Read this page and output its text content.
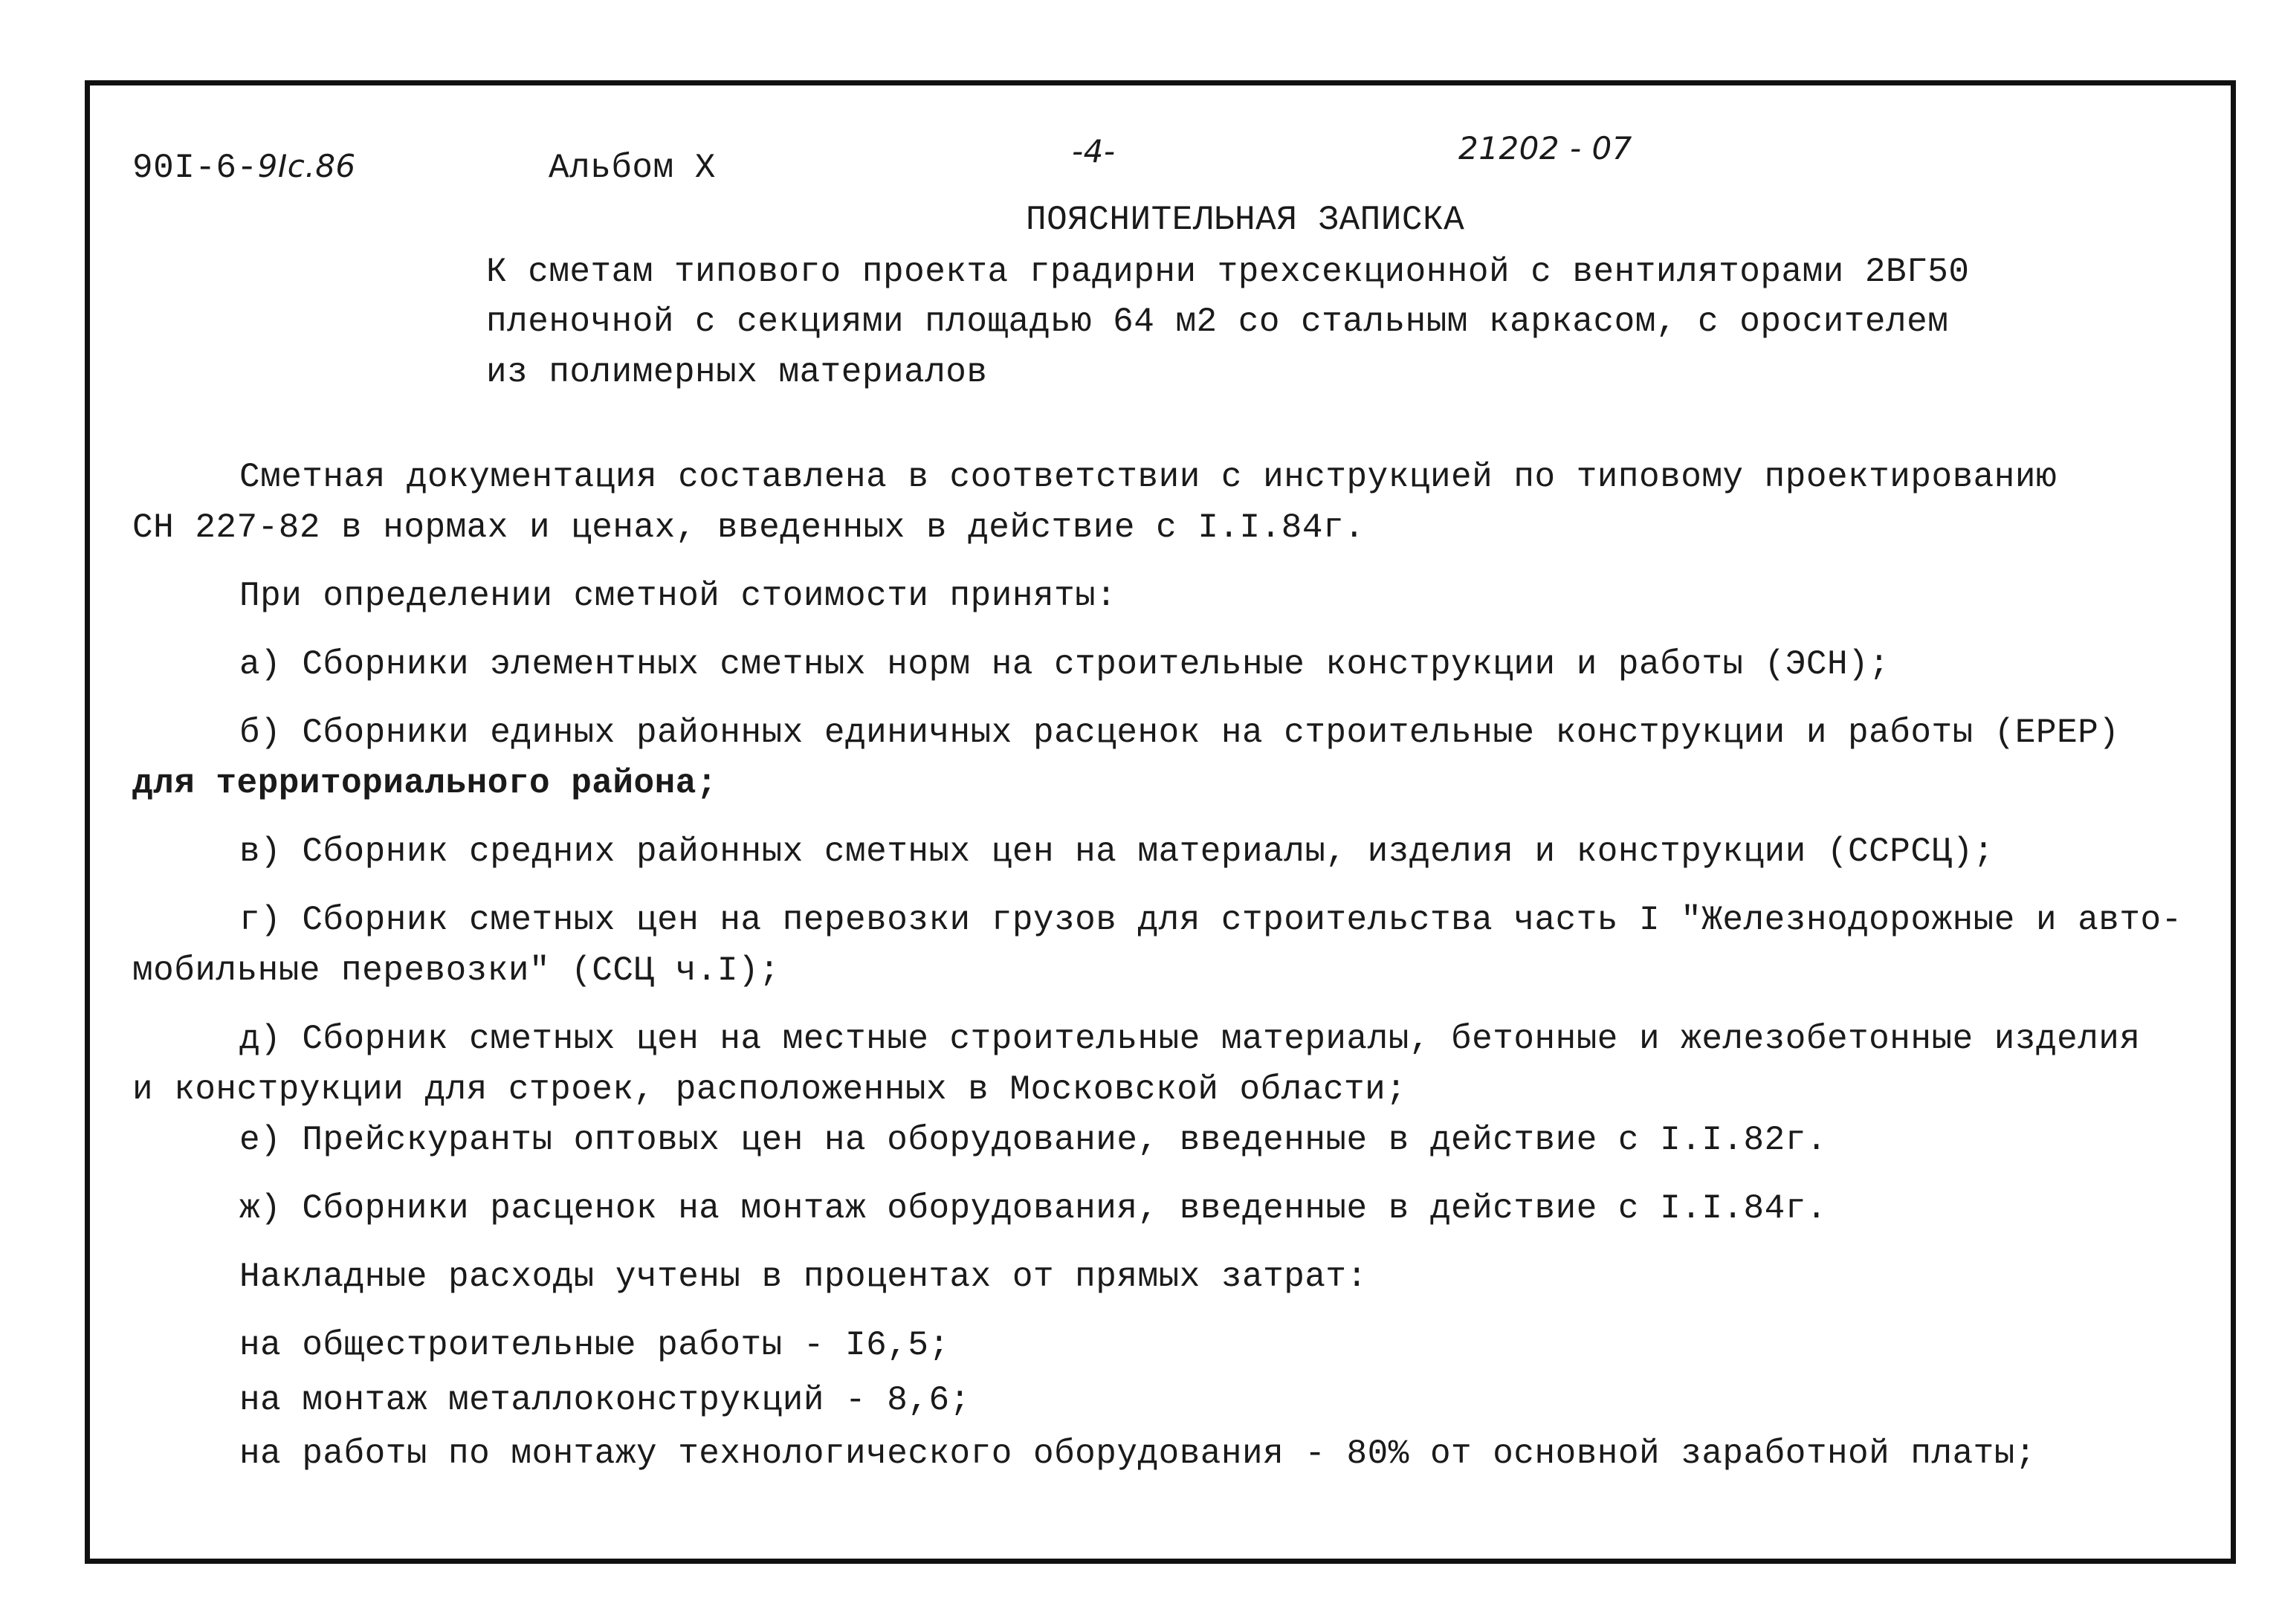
90I-6-9Ic.86	Альбом X	-4-	21202 - 07
ПОЯСНИТЕЛЬНАЯ ЗАПИСКА
К сметам типового проекта градирни трехсекционной с вентиляторами 2ВГ50
пленочной с секциями площадью 64 м2 со стальным каркасом, с оросителем
из полимерных материалов
Сметная документация составлена в соответствии с инструкцией по типовому проектированию
СН 227-82 в нормах и ценах, введенных в действие с I.I.84г.
При определении сметной стоимости приняты:
а) Сборники элементных сметных норм на строительные конструкции и работы (ЭСН);
б) Сборники единых районных единичных расценок на строительные конструкции и работы (ЕРЕР)
для территориального района;
в) Сборник средних районных сметных цен на материалы, изделия и конструкции (ССРСЦ);
г) Сборник сметных цен на перевозки грузов для строительства часть I "Железнодорожные и авто-
мобильные перевозки" (ССЦ ч.I);
д) Сборник сметных цен на местные строительные материалы, бетонные и железобетонные изделия
и конструкции для строек, расположенных в Московской области;
е) Прейскуранты оптовых цен на оборудование, введенные в действие с I.I.82г.
ж) Сборники расценок на монтаж оборудования, введенные в действие с I.I.84г.
Накладные расходы учтены в процентах от прямых затрат:
на общестроительные работы - I6,5;
на монтаж металлоконструкций - 8,6;
на работы по монтажу технологического оборудования - 80% от основной заработной платы;
